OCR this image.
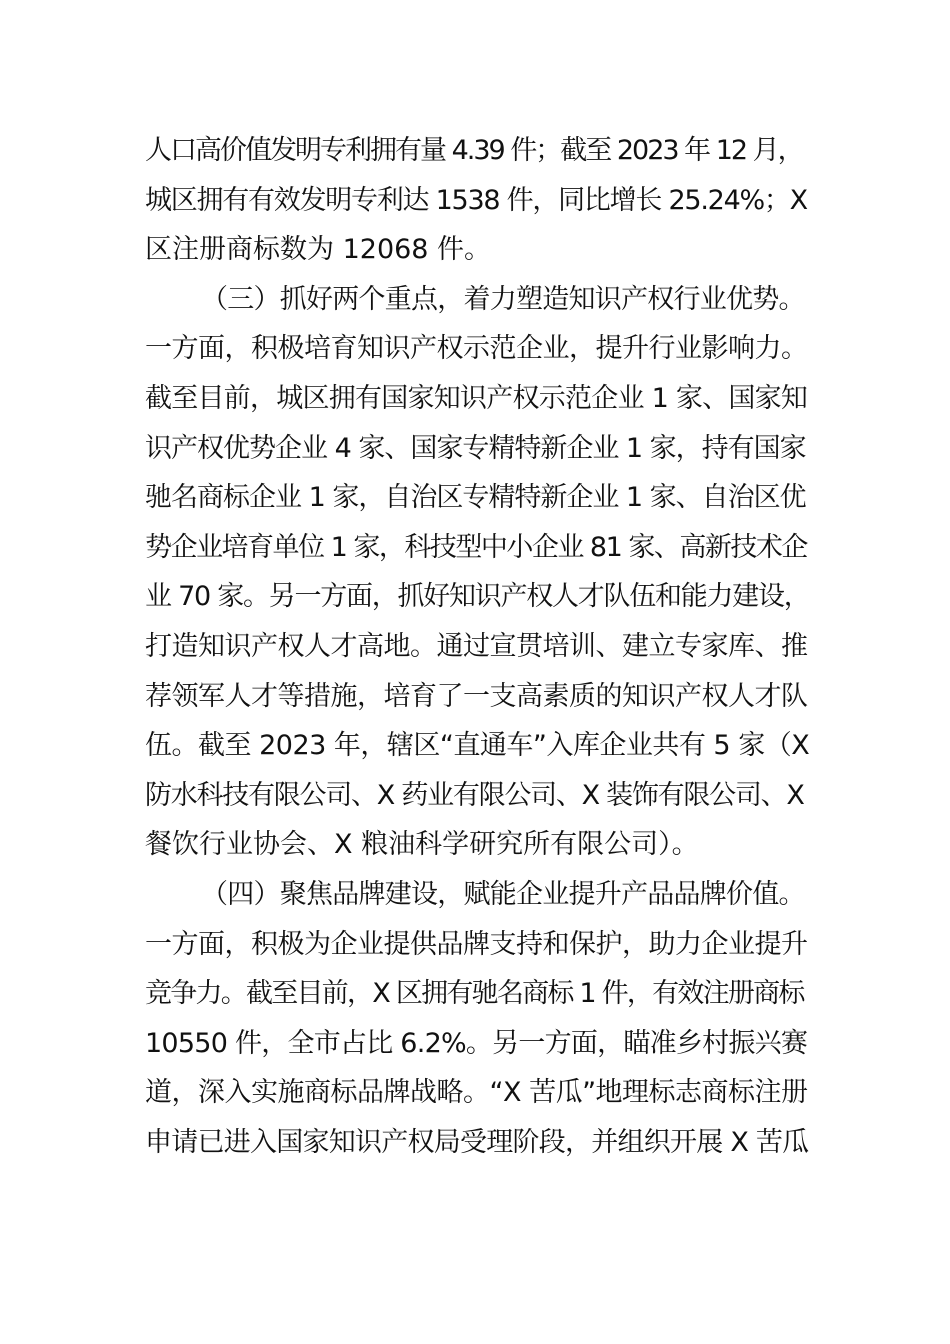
人口高价值发明专利拥有量 4.39 件；截至 2023 年 12 月，
城区拥有有效发明专利达 1538 件，同比增长 25.24%；X
区注册商标数为 12068 件。
（三）抓好两个重点，着力塑造知识产权行业优势。
一方面，积极培育知识产权示范企业，提升行业影响力。
截至目前，城区拥有国家知识产权示范企业 1 家、国家知
识产权优势企业 4 家、国家专精特新企业 1 家，持有国家
驰名商标企业 1 家，自治区专精特新企业 1 家、自治区优
势企业培育单位 1 家，科技型中小企业 81 家、高新技术企
业 70 家。另一方面，抓好知识产权人才队伍和能力建设，
打造知识产权人才高地。通过宣贯培训、建立专家库、推
荐领军人才等措施，培育了一支高素质的知识产权人才队
伍。截至 2023 年，辖区“直通车”入库企业共有 5 家（X
防水科技有限公司、X 药业有限公司、X 装饰有限公司、X
餐饮行业协会、X 粮油科学研究所有限公司）。
（四）聚焦品牌建设，赋能企业提升产品品牌价值。
一方面，积极为企业提供品牌支持和保护，助力企业提升
竞争力。截至目前，X 区拥有驰名商标 1 件，有效注册商标
10550 件，全市占比 6.2%。另一方面，瞄准乡村振兴赛
道，深入实施商标品牌战略。“X 苦瓜”地理标志商标注册
申请已进入国家知识产权局受理阶段，并组织开展 X 苦瓜
